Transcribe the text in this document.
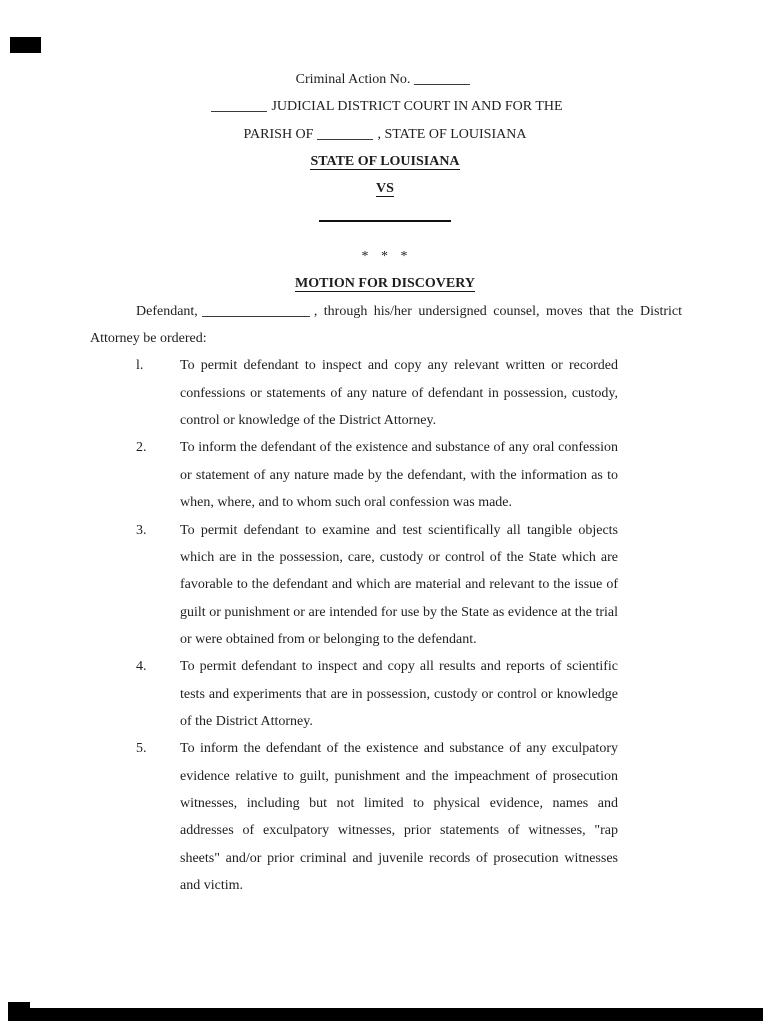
Criminal Action No.
JUDICIAL DISTRICT COURT IN AND FOR THE
PARISH OF	, STATE OF LOUISIANA
STATE OF LOUISIANA
VS
* * *
MOTION FOR DISCOVERY

Defendant,	, through his/her undersigned counsel, moves that the District Attorney be ordered:

l.	To permit defendant to inspect and copy any relevant written or recorded confessions or statements of any nature of defendant in possession, custody, control or knowledge of the District Attorney.
2. To inform the defendant of the existence and substance of any oral confession or statement of any nature made by the defendant, with the information as to when, where, and to whom such oral confession was made.
3. To permit defendant to examine and test scientifically all tangible objects which are in the possession, care, custody or control of the State which are favorable to the defendant and which are material and relevant to the issue of guilt or punishment or are intended for use by the State as evidence at the trial or were obtained from or belonging to the defendant.
4. To permit defendant to inspect and copy all results and reports of scientific tests and experiments that are in possession, custody or control or knowledge of the District Attorney.
5. To inform the defendant of the existence and substance of any exculpatory evidence relative to guilt, punishment and the impeachment of prosecution witnesses, including but not limited to physical evidence, names and addresses of exculpatory witnesses, prior statements of witnesses, "rap sheets" and/or prior criminal and juvenile records of prosecution witnesses and victim.
